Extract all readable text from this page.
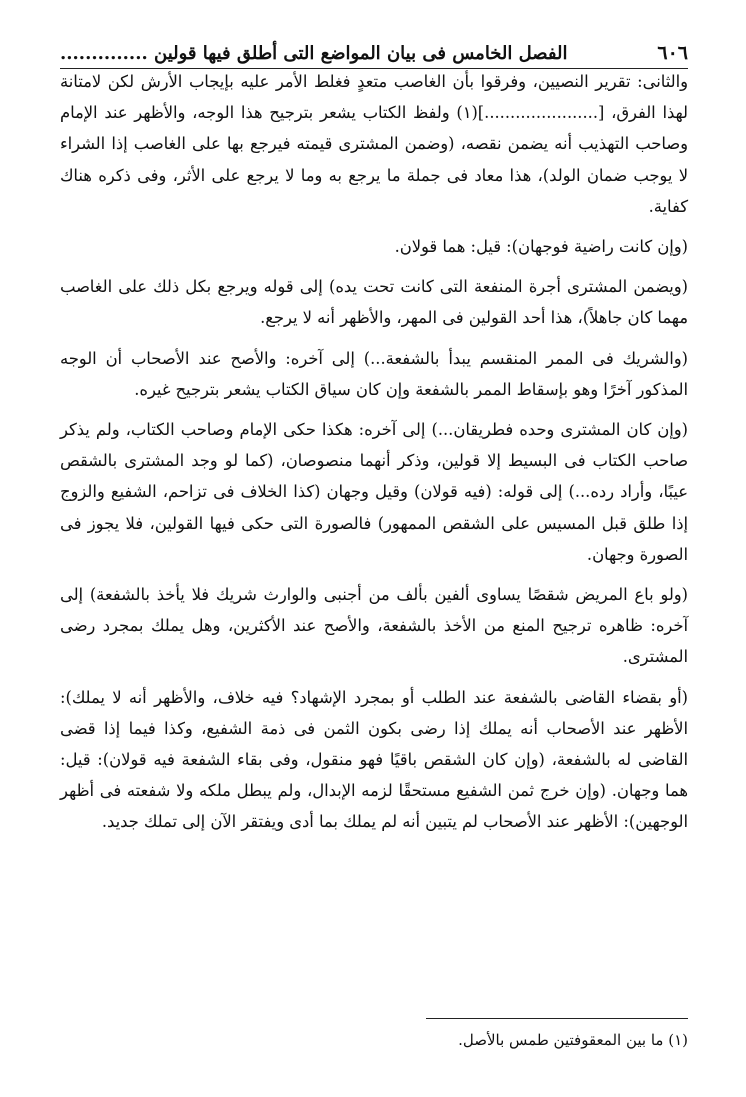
٦٠٦
الفصل الخامس فى بيان المواضع التى أطلق فيها قولين ..............

والثانى: تقرير النصيين، وفرقوا بأن الغاصب متعدٍ فغلط الأمر عليه بإيجاب الأرش لكن لامتانة لهذا الفرق، [......................](١) ولفظ الكتاب يشعر بترجيح هذا الوجه، والأظهر عند الإمام وصاحب التهذيب أنه يضمن نقصه، (وضمن المشترى قيمته فيرجع بها على الغاصب إذا الشراء لا يوجب ضمان الولد)، هذا معاد فى جملة ما يرجع به وما لا يرجع على الأثر، وفى ذكره هناك كفاية.

(وإن كانت راضية فوجهان): قيل: هما قولان.

(ويضمن المشترى أجرة المنفعة التى كانت تحت يده) إلى قوله ويرجع بكل ذلك على الغاصب مهما كان جاهلاً)، هذا أحد القولين فى المهر، والأظهر أنه لا يرجع.

(والشريك فى الممر المنقسم يبدأ بالشفعة...) إلى آخره: والأصح عند الأصحاب أن الوجه المذكور آخرًا وهو بإسقاط الممر بالشفعة وإن كان سياق الكتاب يشعر بترجيح غيره.

(وإن كان المشترى وحده فطريقان...) إلى آخره: هكذا حكى الإمام وصاحب الكتاب، ولم يذكر صاحب الكتاب فى البسيط إلا قولين، وذكر أنهما منصوصان، (كما لو وجد المشترى بالشقص عيبًا، وأراد رده...) إلى قوله: (فيه قولان) وقيل وجهان (كذا الخلاف فى تزاحم، الشفيع والزوج إذا طلق قبل المسيس على الشقص الممهور) فالصورة التى حكى فيها القولين، فلا يجوز فى الصورة وجهان.

(ولو باع المريض شقصًا يساوى ألفين بألف من أجنبى والوارث شريك فلا يأخذ بالشفعة) إلى آخره: ظاهره ترجيح المنع من الأخذ بالشفعة، والأصح عند الأكثرين، وهل يملك بمجرد رضى المشترى.

(أو بقضاء القاضى بالشفعة عند الطلب أو بمجرد الإشهاد؟ فيه خلاف، والأظهر أنه لا يملك): الأظهر عند الأصحاب أنه يملك إذا رضى بكون الثمن فى ذمة الشفيع، وكذا فيما إذا قضى القاضى له بالشفعة، (وإن كان الشقص باقيًا فهو منقول، وفى بقاء الشفعة فيه قولان): قيل: هما وجهان. (وإن خرج ثمن الشفيع مستحقًا لزمه الإبدال، ولم يبطل ملكه ولا شفعته فى أظهر الوجهين): الأظهر عند الأصحاب لم يتبين أنه لم يملك بما أدى ويفتقر الآن إلى تملك جديد.

(١) ما بين المعقوفتين طمس بالأصل.
